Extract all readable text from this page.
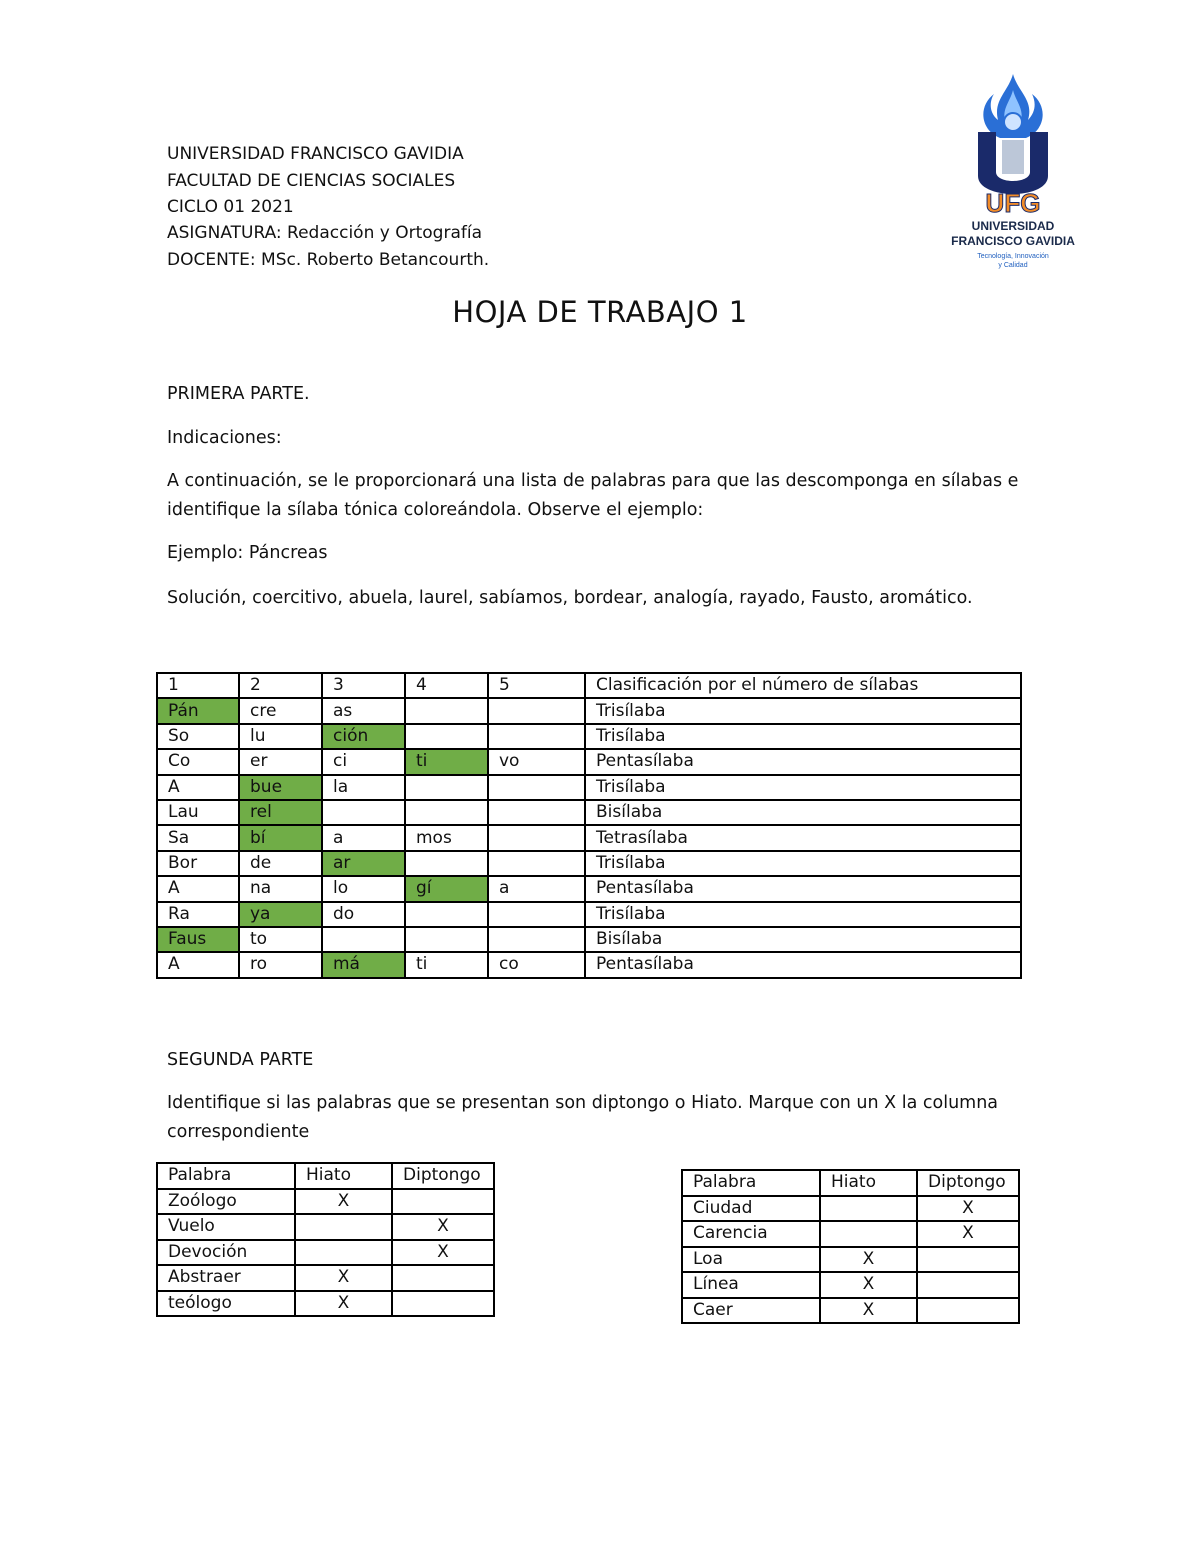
UNIVERSIDAD FRANCISCO GAVIDIA
FACULTAD DE CIENCIAS SOCIALES
CICLO 01 2021
ASIGNATURA: Redacción y Ortografía
DOCENTE: MSc. Roberto Betancourth.
UFG
UNIVERSIDAD
FRANCISCO GAVIDIA
Tecnología, Innovación
y Calidad
HOJA DE TRABAJO 1
PRIMERA PARTE.
Indicaciones:
A continuación, se le proporcionará una lista de palabras para que las descomponga en sílabas e
identifique la sílaba tónica coloreándola. Observe el ejemplo:
Ejemplo: Páncreas
Solución, coercitivo, abuela, laurel, sabíamos, bordear, analogía, rayado, Fausto, aromático.
1	2	3	4	5	Clasificación por el número de sílabas
Pán	cre	as			Trisílaba
So	lu	ción			Trisílaba
Co	er	ci	ti	vo	Pentasílaba
A	bue	la			Trisílaba
Lau	rel				Bisílaba
Sa	bí	a	mos		Tetrasílaba
Bor	de	ar			Trisílaba
A	na	lo	gí	a	Pentasílaba
Ra	ya	do			Trisílaba
Faus	to				Bisílaba
A	ro	má	ti	co	Pentasílaba
SEGUNDA PARTE
Identifique si las palabras que se presentan son diptongo o Hiato. Marque con un X la columna
correspondiente
Palabra	Hiato	Diptongo
Zoólogo	X	
Vuelo		X
Devoción		X
Abstraer	X	
teólogo	X	
Palabra	Hiato	Diptongo
Ciudad		X
Carencia		X
Loa	X	
Línea	X	
Caer	X	
